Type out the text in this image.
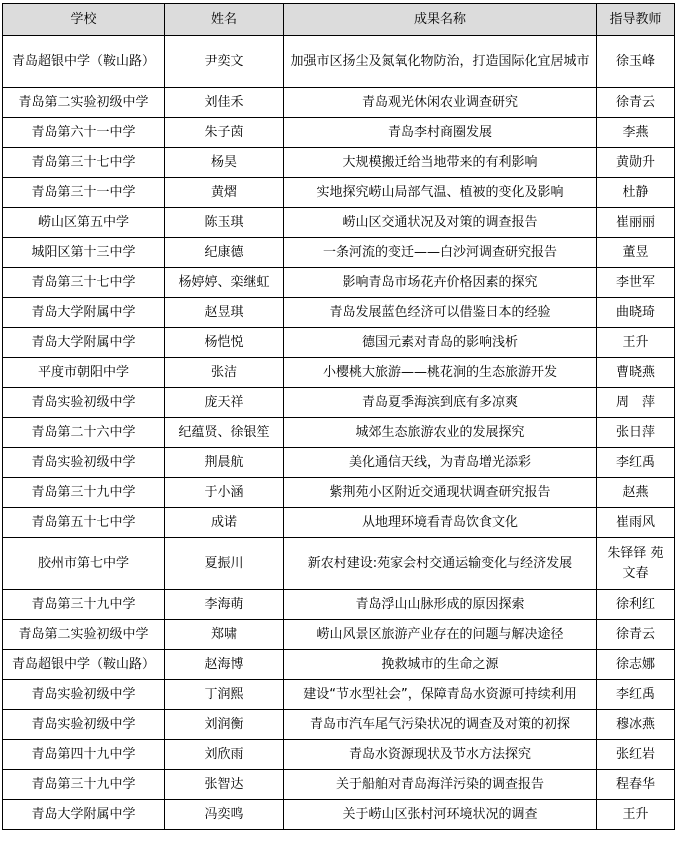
学校	姓名	成果名称	指导教师
青岛超银中学（鞍山路）	尹奕文	加强市区扬尘及氮氧化物防治，打造国际化宜居城市	徐玉峰
青岛第二实验初级中学	刘佳禾	青岛观光休闲农业调查研究	徐青云
青岛第六十一中学	朱子茵	青岛李村商圈发展	李燕
青岛第三十七中学	杨昊	大规模搬迁给当地带来的有利影响	黄勋升
青岛第三十一中学	黄熠	实地探究崂山局部气温、植被的变化及影响	杜静
崂山区第五中学	陈玉琪	崂山区交通状况及对策的调查报告	崔丽丽
城阳区第十三中学	纪康德	一条河流的变迁——白沙河调查研究报告	董昱
青岛第三十七中学	杨婷婷、栾继虹	影响青岛市场花卉价格因素的探究	李世军
青岛大学附属中学	赵昱琪	青岛发展蓝色经济可以借鉴日本的经验	曲晓琦
青岛大学附属中学	杨恺悦	德国元素对青岛的影响浅析	王升
平度市朝阳中学	张洁	小樱桃大旅游——桃花涧的生态旅游开发	曹晓燕
青岛实验初级中学	庞天祥	青岛夏季海滨到底有多凉爽	周　萍
青岛第二十六中学	纪蕴贤、徐银笙	城郊生态旅游农业的发展探究	张日萍
青岛实验初级中学	荆晨航	美化通信天线，为青岛增光添彩	李红禹
青岛第三十九中学	于小涵	紫荆苑小区附近交通现状调查研究报告	赵燕
青岛第五十七中学	成诺	从地理环境看青岛饮食文化	崔雨风
胶州市第七中学	夏振川	新农村建设:苑家会村交通运输变化与经济发展	朱铎铎 苑文春
青岛第三十九中学	李海萌	青岛浮山山脉形成的原因探索	徐利红
青岛第二实验初级中学	郑啸	崂山风景区旅游产业存在的问题与解决途径	徐青云
青岛超银中学（鞍山路）	赵海博	挽救城市的生命之源	徐志娜
青岛实验初级中学	丁润熙	建设“节水型社会”，保障青岛水资源可持续利用	李红禹
青岛实验初级中学	刘润衡	青岛市汽车尾气污染状况的调查及对策的初探	穆冰燕
青岛第四十九中学	刘欣雨	青岛水资源现状及节水方法探究	张红岩
青岛第三十九中学	张智达	关于船舶对青岛海洋污染的调查报告	程春华
青岛大学附属中学	冯奕鸣	关于崂山区张村河环境状况的调查	王升
